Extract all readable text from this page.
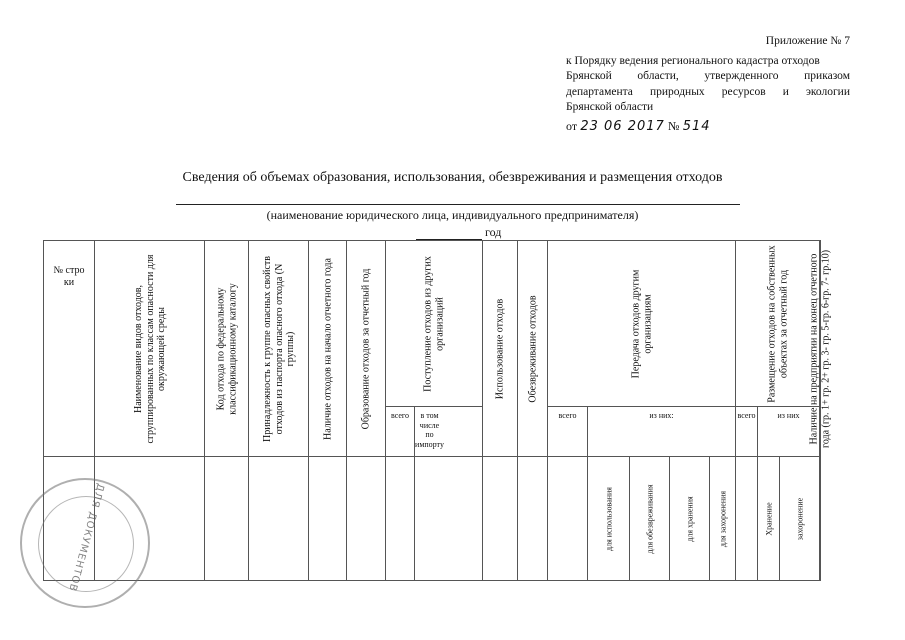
Приложение № 7
к Порядку ведения регионального кадастра отходов
Брянской области, утвержденного приказом
департамента природных ресурсов и экологии
Брянской области
от 23 06 2017 № 514
Сведения об объемах образования, использования, обезвреживания и размещения отходов
(наименование юридического лица, индивидуального предпринимателя)
год
№ стро ки	Наименование видов отходов, сгруппированных по классам опасности для окружающей среды	Код отхода по федеральному классификационному каталогу	Принадлежность к группе опасных свойств отходов из паспорта опасного отхода (N группы)	Наличие отходов на начало отчетного года	Образование отходов за отчетный год	Поступление отходов из других организаций		Использование отходов	Обезвреживание отходов	Передача отходов другим организациям					Размещение отходов на собственных объектах за отчетный год			Наличие на предприятии на конец отчетного года (гр. 1+ гр. 2+ гр. 3- гр. 5-гр. 6-гр. 7- гр.10)

						всего	в том числе по импорту			всего	из них:				всего	из них		

											для использования	для обезвреживания	для хранения	для захоронения		Хранение	захоронение	

ДЛЯ ДОКУМЕНТОВ
